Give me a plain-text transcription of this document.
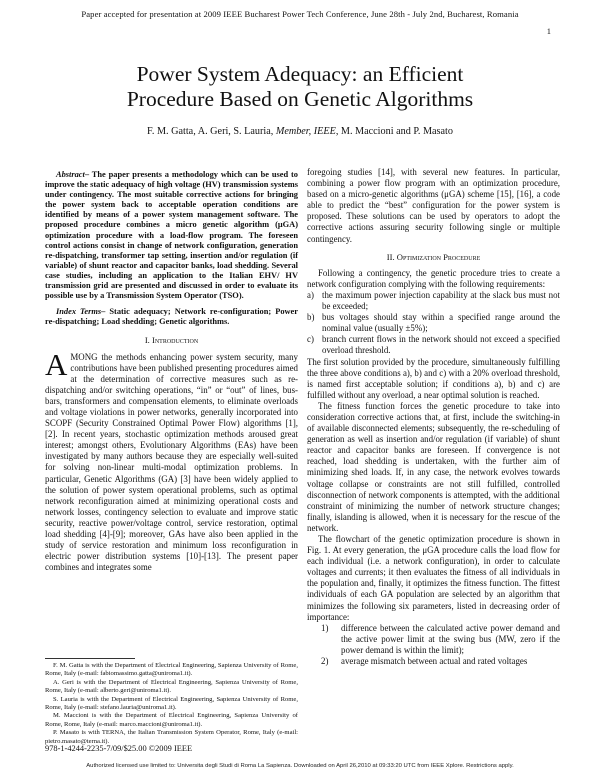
Paper accepted for presentation at 2009 IEEE Bucharest Power Tech Conference, June 28th - July 2nd, Bucharest, Romania
1
Power System Adequacy: an Efficient
Procedure Based on Genetic Algorithms
F. M. Gatta, A. Geri, S. Lauria, Member, IEEE, M. Maccioni and P. Masato

Abstract– The paper presents a methodology which can be used to improve the static adequacy of high voltage (HV) transmission systems under contingency. The most suitable corrective actions for bringing the power system back to acceptable operation conditions are identified by means of a power system management software. The proposed procedure combines a micro genetic algorithm (μGA) optimization procedure with a load-flow program. The foreseen control actions consist in change of network configuration, generation re-dispatching, transformer tap setting, insertion and/or regulation (if variable) of shunt reactor and capacitor banks, load shedding. Several case studies, including an application to the Italian EHV/ HV transmission grid are presented and discussed in order to evaluate its possible use by a Transmission System Operator (TSO).

Index Terms– Static adequacy; Network re-configuration; Power re-dispatching; Load shedding; Genetic algorithms.

I. Introduction

AMONG the methods enhancing power system security, many contributions have been published presenting procedures aimed at the determination of corrective measures such as re-dispatching and/or switching operations, “in” or “out” of lines, bus-bars, transformers and compensation elements, to eliminate overloads and voltage violations in power networks, generally incorporated into SCOPF (Security Constrained Optimal Power Flow) algorithms [1], [2]. In recent years, stochastic optimization methods aroused great interest; amongst others, Evolutionary Algorithms (EAs) have been investigated by many authors because they are especially well-suited for solving non-linear multi-modal optimization problems. In particular, Genetic Algorithms (GA) [3] have been widely applied to the solution of power system operational problems, such as optimal network reconfiguration aimed at minimizing operational costs and network losses, contingency selection to evaluate and improve static security, reactive power/voltage control, service restoration, optimal load shedding [4]-[9]; moreover, GAs have also been applied in the study of service restoration and minimum loss reconfiguration in electric power distribution systems [10]-[13]. The present paper combines and integrates some

F. M. Gatta is with the Department of Electrical Engineering, Sapienza University of Rome, Rome, Italy (e-mail: fabiomassimo.gatta@uniroma1.it).

A. Geri is with the Department of Electrical Engineering, Sapienza University of Rome, Rome, Italy (e-mail: alberto.geri@uniroma1.it).

S. Lauria is with the Department of Electrical Engineering, Sapienza University of Rome, Rome, Italy (e-mail: stefano.lauria@uniroma1.it).

M. Maccioni is with the Department of Electrical Engineering, Sapienza University of Rome, Rome, Italy (e-mail: marco.maccioni@uniroma1.it).

P. Masato is with TERNA, the Italian Transmission System Operator, Rome, Italy (e-mail: pietro.masato@terna.it).

978-1-4244-2235-7/09/$25.00 ©2009 IEEE

foregoing studies [14], with several new features. In particular, combining a power flow program with an optimization procedure, based on a micro-genetic algorithms (μGA) scheme [15], [16], a code able to predict the “best” configuration for the power system is proposed. These solutions can be used by operators to adopt the corrective actions assuring security following single or multiple contingency.

II. Optimization Procedure

Following a contingency, the genetic procedure tries to create a network configuration complying with the following requirements:

a) the maximum power injection capability at the slack bus must not be exceeded;

b) bus voltages should stay within a specified range around the nominal value (usually ±5%);

c) branch current flows in the network should not exceed a specified overload threshold.

The first solution provided by the procedure, simultaneously fulfilling the three above conditions a), b) and c) with a 20% overload threshold, is named first acceptable solution; if conditions a), b) and c) are fulfilled without any overload, a near optimal solution is reached.

The fitness function forces the genetic procedure to take into consideration corrective actions that, at first, include the switching-in of available disconnected elements; subsequently, the re-scheduling of generation as well as insertion and/or regulation (if variable) of shunt reactor and capacitor banks are foreseen. If convergence is not reached, load shedding is undertaken, with the further aim of minimizing shed loads. If, in any case, the network evolves towards voltage collapse or constraints are not still fulfilled, controlled disconnection of network components is attempted, with the additional constraint of minimizing the number of network structure changes; finally, islanding is allowed, when it is necessary for the rescue of the network.

The flowchart of the genetic optimization procedure is shown in Fig. 1. At every generation, the μGA procedure calls the load flow for each individual (i.e. a network configuration), in order to calculate voltages and currents; it then evaluates the fitness of all individuals in the population and, finally, it optimizes the fitness function. The fittest individuals of each GA population are selected by an algorithm that minimizes the following six parameters, listed in decreasing order of importance:

1) difference between the calculated active power demand and the active power limit at the swing bus (MW, zero if the power demand is within the limit);

2) average mismatch between actual and rated voltages

Authorized licensed use limited to: Universita degli Studi di Roma La Sapienza. Downloaded on April 26,2010 at 09:33:20 UTC from IEEE Xplore. Restrictions apply.
